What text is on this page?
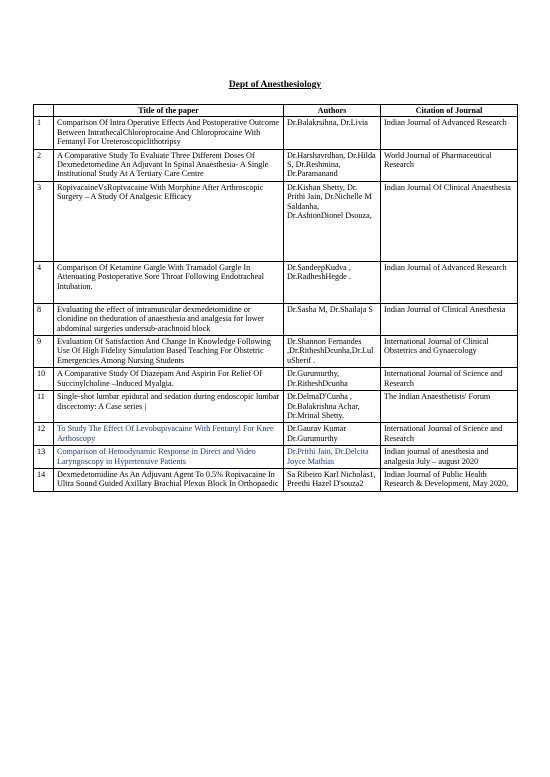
Dept of Anesthesiology
	Title of the paper	Authors	Citation of Journal
1	Comparison Of Intra Operative Effects And Postoperative Outcome Between IntrathecalChloroprocaine And Chloroprocaine With Fentanyl For Ureteroscopiclithotripsy	Dr.Balakrsihna, Dr.Livia	Indian Journal of Advanced Research
2	A Comparative Study To Evaluate Three Different Doses Of Dexmedetomedine An Adjuvant In Spinal Anaesthesia- A Single Institutional Study At A Tertiary Care Centre	Dr.Harshavrdhan, Dr.Hilda S, Dr.Reshmina, Dr.Paramanand	World Journal of Pharmaceutical Research
3	RopivacaineVsRopivacaine With Morphine After Arthroscopic Surgery – A Study Of Analgesic Efficacy	Dr.Kishan Shetty, Dr. Prithi Jain, Dr.Nichelle M Saldanha, Dr.AshtonDionel Dsouza,	Indian Journal Of Clinical Anaesthesia
4	Comparison Of Ketamine Gargle With Tramadol Gargle In Attenuating Postoperative Sore Throat Following Endotracheal Intubation.	Dr.SandeepKudva , Dr.RadheshHegde .	Indian Journal of Advanced Research
8	Evaluating the effect of intramuscular dexmedetomidine or clonidine on theduration of anaesthesia and analgesia for lower abdominal surgeries undersub-arachnoid block	Dr.Sasha M, Dr.Shailaja S	Indian Journal of Clinical Anesthesia
9	Evaluation Of Satisfaction And Change In Knowledge Following Use Of High Fidelity Simulation Based Teaching For Obstetric Emergencies Among Nursing Students	Dr.Shannon Fernandes ,Dr.RitheshDcunha,Dr.LuluSherif .	International Journal of Clinical Obstetrics and Gynaecology
10	A Comparative Study Of Diazepam And Aspirin For Relief Of Succinylcholine –Induced Myalgia.	Dr.Gurumurthy, Dr.RitheshDcunha	International Journal of Science and Research
11	Single-shot lumbar epidural and sedation during endoscopic lumbar discectomy: A Case series |	Dr.DelmaD'Cunha , Dr.Balakrishna Achar, Dr.Mrinal Shetty.	The Indian Anaesthetists' Forum
12	To Study The Effect Of Levobupivacaine With Fentanyl For Knee Arthoscopy	Dr.Gaurav Kumar Dr.Gurumurthy	International Journal of Science and Research
13	Comparison of Hemodynamic Response in Direct and Video Laryngoscopy in Hypertensive Patients	Dr.Prithi Jain, Dr.Delcita Joyce Mathias	Indian journal of anesthesia and analgesia July – august 2020
14	Dexmedetomidine As An Adjuvant Agent To 0.5% Ropivacaine In Ultra Sound Guided Axillary Brachial Plexus Block In Orthopaedic	Sa Ribeiro Karl Nicholas1, Preethi Hazel D'souza2	Indian Journal of Public Health Research & Development, May 2020,
